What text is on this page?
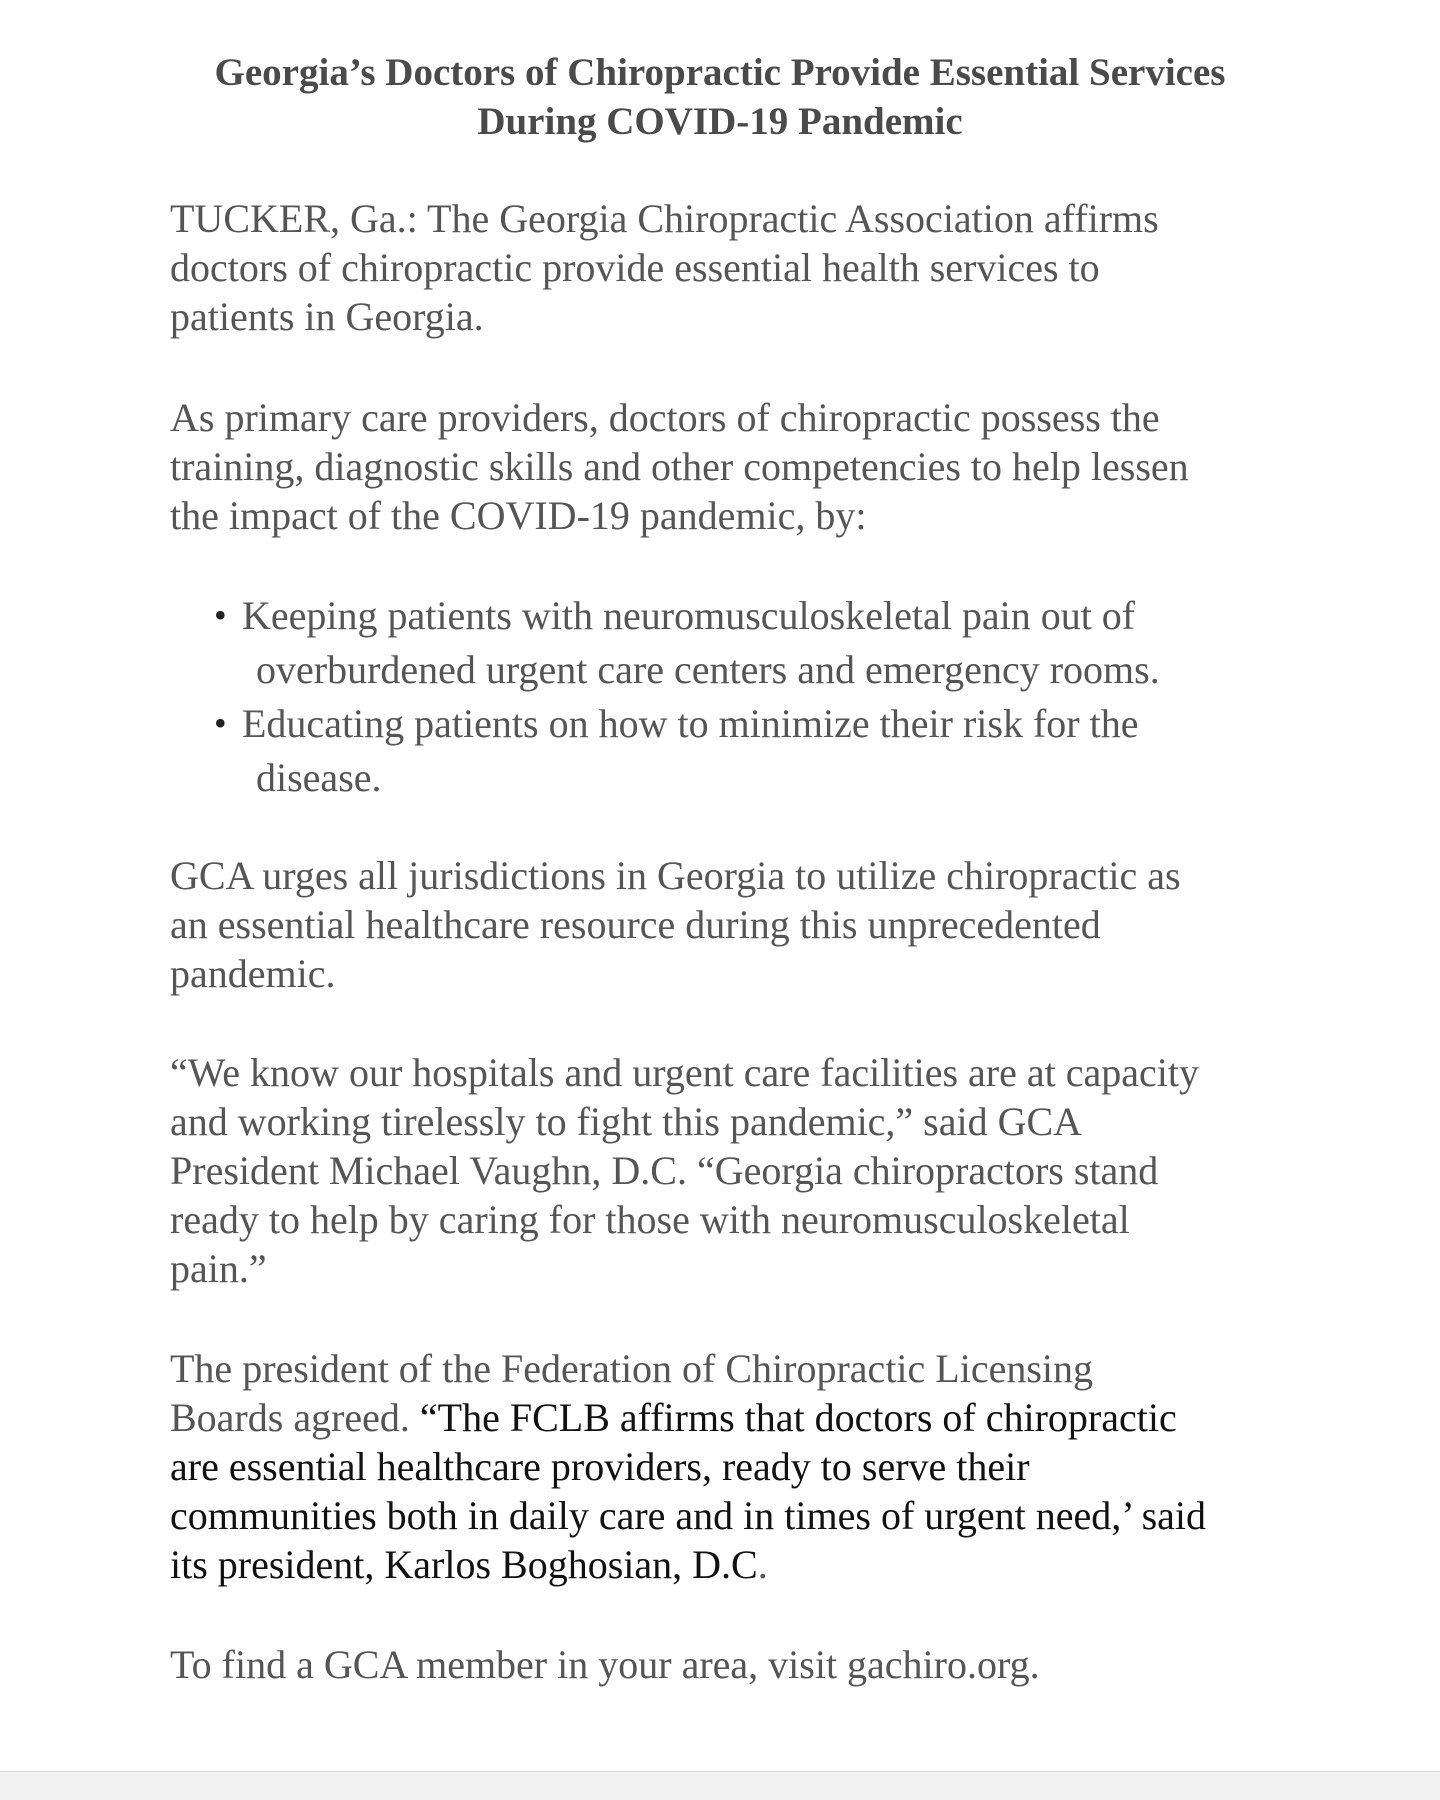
Georgia’s Doctors of Chiropractic Provide Essential Services
During COVID-19 Pandemic

TUCKER, Ga.: The Georgia Chiropractic Association affirms
doctors of chiropractic provide essential health services to
patients in Georgia.

As primary care providers, doctors of chiropractic possess the
training, diagnostic skills and other competencies to help lessen
the impact of the COVID-19 pandemic, by:

• Keeping patients with neuromusculoskeletal pain out of
overburdened urgent care centers and emergency rooms.
• Educating patients on how to minimize their risk for the
disease.

GCA urges all jurisdictions in Georgia to utilize chiropractic as
an essential healthcare resource during this unprecedented
pandemic.

“We know our hospitals and urgent care facilities are at capacity
and working tirelessly to fight this pandemic,” said GCA
President Michael Vaughn, D.C. “Georgia chiropractors stand
ready to help by caring for those with neuromusculoskeletal
pain.”

The president of the Federation of Chiropractic Licensing
Boards agreed. “The FCLB affirms that doctors of chiropractic
are essential healthcare providers, ready to serve their
communities both in daily care and in times of urgent need,’ said
its president, Karlos Boghosian, D.C.

To find a GCA member in your area, visit gachiro.org.
